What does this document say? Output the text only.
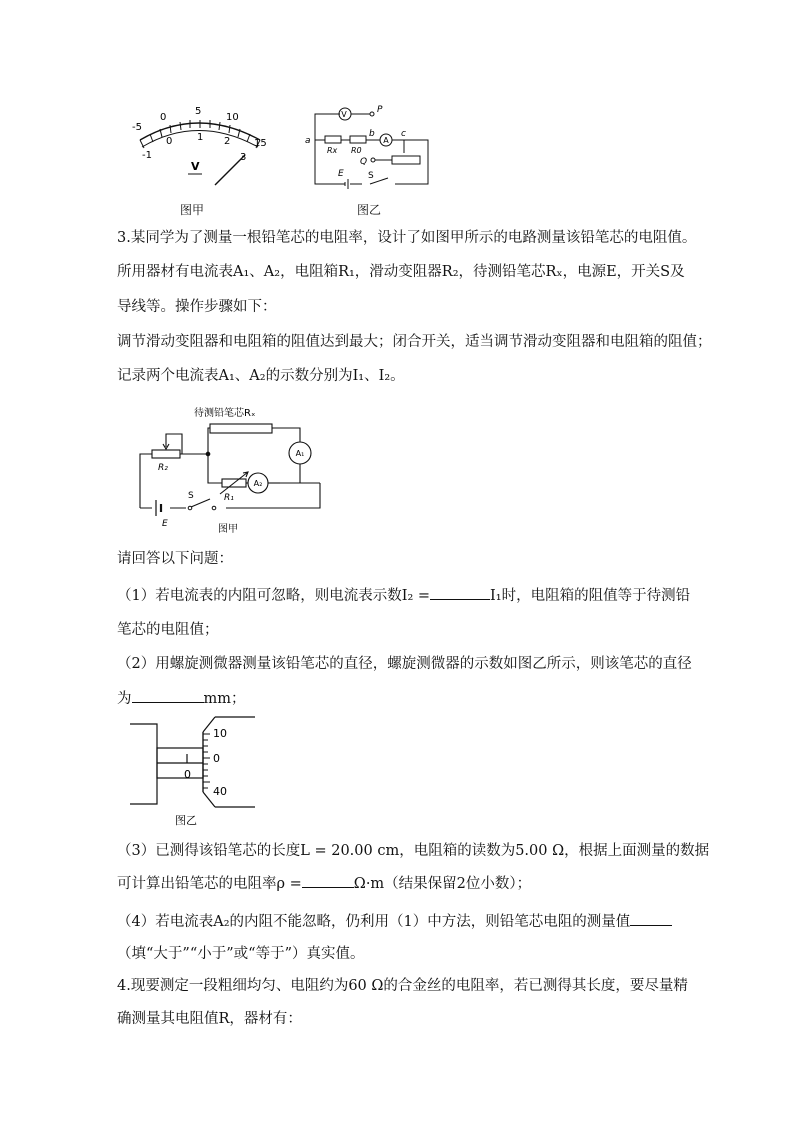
-5
0
5
10
15
-1
0 1 2
3
V
图甲
V
A
P
a
b	c
Q
Rx R0
E	S
图乙
3.某同学为了测量一根铅笔芯的电阻率，设计了如图甲所示的电路测量该铅笔芯的电阻值。
所用器材有电流表A₁、A₂，电阻箱R₁，滑动变阻器R₂，待测铅笔芯Rₓ，电源E，开关S及
导线等。操作步骤如下：
调节滑动变阻器和电阻箱的阻值达到最大；闭合开关，适当调节滑动变阻器和电阻箱的阻值；
记录两个电流表A₁、A₂的示数分别为I₁、I₂。
A₂
A₁
待测铅笔芯Rₓ
R₂
R₁
S
E	图甲
请回答以下问题：
（1）若电流表的内阻可忽略，则电流表示数I₂ =	I₁时，电阻箱的阻值等于待测铅
笔芯的电阻值；
（2）用螺旋测微器测量该铅笔芯的直径，螺旋测微器的示数如图乙所示，则该笔芯的直径
为	mm；
10
0
40
0
图乙
（3）已测得该铅笔芯的长度L = 20.00 cm，电阻箱的读数为5.00 Ω，根据上面测量的数据
可计算出铅笔芯的电阻率ρ =	Ω·m（结果保留2位小数）；
（4）若电流表A₂的内阻不能忽略，仍利用（1）中方法，则铅笔芯电阻的测量值
（填“大于”“小于”或“等于”）真实值。
4.现要测定一段粗细均匀、电阻约为60 Ω的合金丝的电阻率，若已测得其长度，要尽量精
确测量其电阻值R，器材有：
